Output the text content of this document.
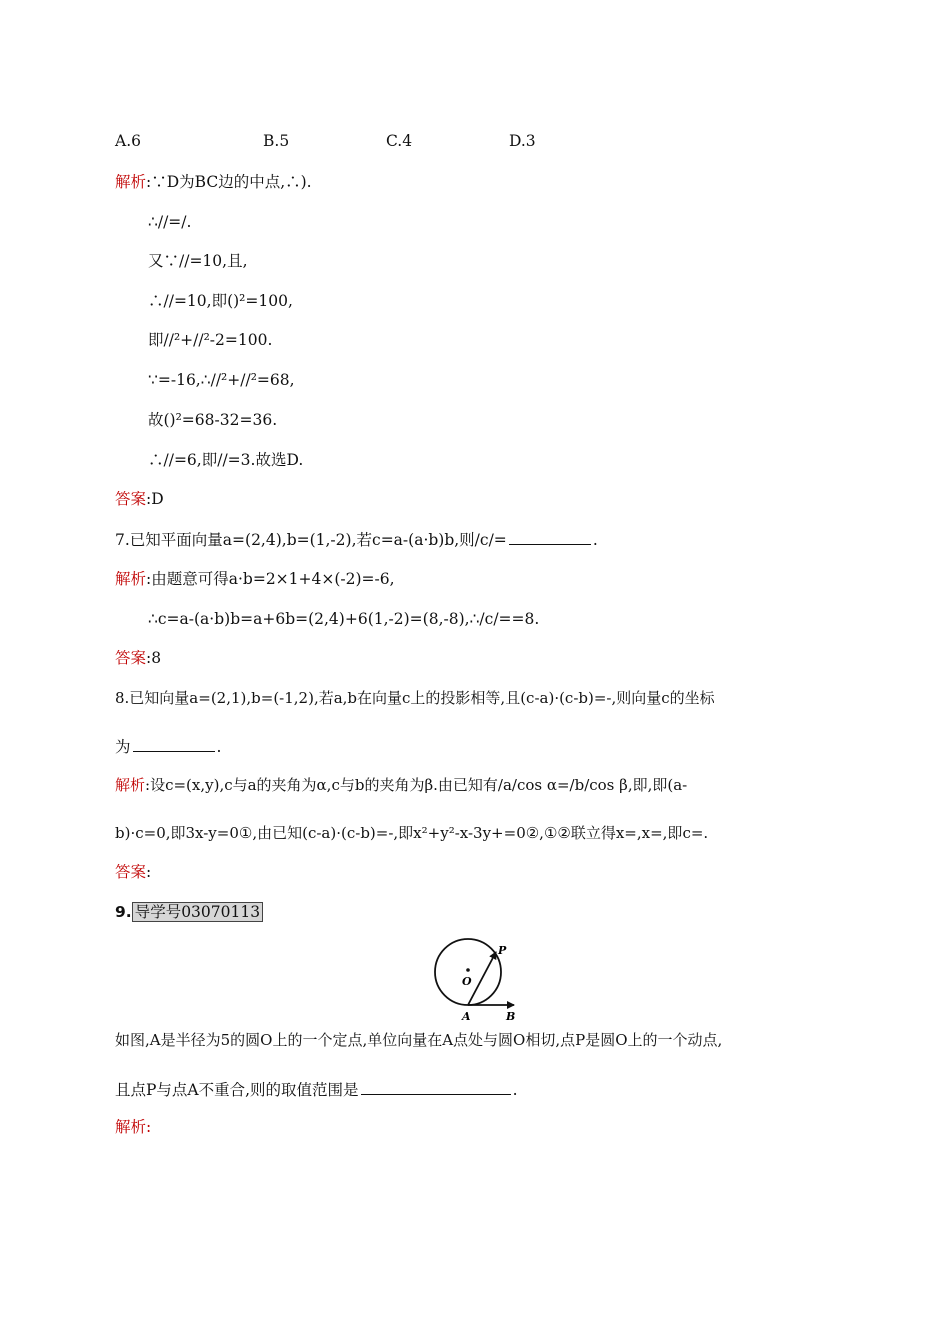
A.6	B.5	C.4	D.3
解析:∵D为BC边的中点,∴).
∴//=/.
又∵//=10,且,
∴//=10,即()²=100,
即//²+//²-2=100.
∵=-16,∴//²+//²=68,
故()²=68-32=36.
∴//=6,即//=3.故选D.
答案:D
7.已知平面向量a=(2,4),b=(1,-2),若c=a-(a·b)b,则/c/=	.
解析:由题意可得a·b=2×1+4×(-2)=-6,
∴c=a-(a·b)b=a+6b=(2,4)+6(1,-2)=(8,-8),∴/c/==8.
答案:8
8.已知向量a=(2,1),b=(-1,2),若a,b在向量c上的投影相等,且(c-a)·(c-b)=-,则向量c的坐标
为	.
解析:设c=(x,y),c与a的夹角为α,c与b的夹角为β.由已知有/a/cos α=/b/cos β,即,即(a-
b)·c=0,即3x-y=0①,由已知(c-a)·(c-b)=-,即x²+y²-x-3y+=0②,①②联立得x=,x=,即c=.
答案:
9. 导学号03070113
P
O
A	B
如图,A是半径为5的圆O上的一个定点,单位向量在A点处与圆O相切,点P是圆O上的一个动点,
且点P与点A不重合,则的取值范围是	.
解析:
